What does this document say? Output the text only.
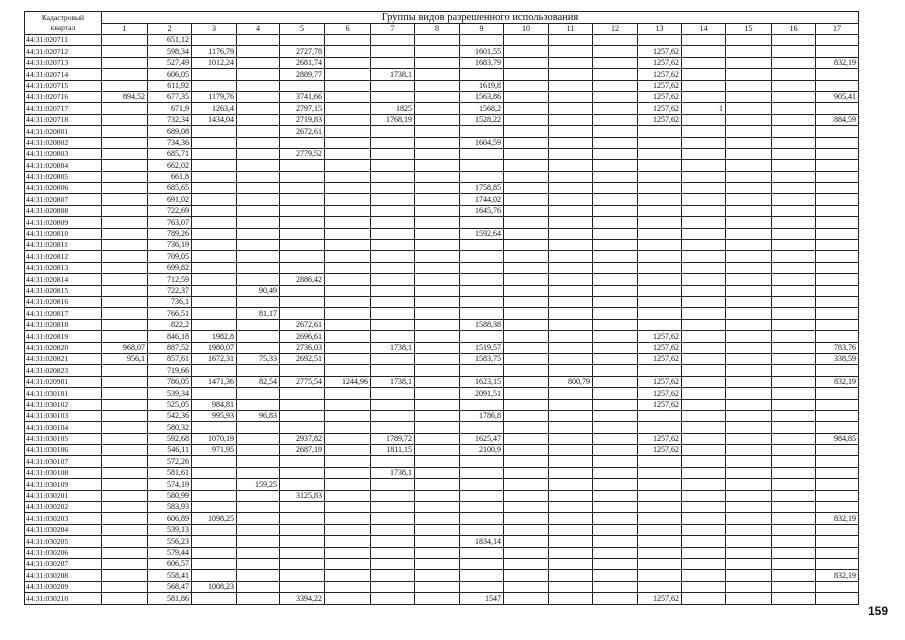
Кадастровый
квартал	Группы видов разрешенного использования																
	1	2	3	4	5	6	7	8	9	10	11	12	13	14	15	16	17
44:31:020711		651,12															
44:31:020712		598,34	1176,79		2727,78				1601,55				1257,62				
44:31:020713		527,49	1012,24		2681,74				1683,79				1257,62				832,19
44:31:020714		606,05			2889,77		1738,1						1257,62				
44:31:020715		611,92							1619,8				1257,62				
44:31:020716	894,52	677,35	1179,76		3741,66				1563,86				1257,62				905,41
44:31:020717		671,9	1263,4		2797,15		1825		1568,2				1257,62	1			
44:31:020718		732,34	1434,04		2719,83		1768,19		1528,22				1257,62				884,59
44:31:020801		689,08			2672,61												
44:31:020802		734,36							1604,59								
44:31:020803		685,71			2779,52												
44:31:020804		662,02															
44:31:020805		661,8															
44:31:020806		685,65							1758,85								
44:31:020807		691,02							1744,02								
44:31:020808		722,69							1645,76								
44:31:020809		763,07															
44:31:020810		789,26							1592,64								
44:31:020811		736,19															
44:31:020812		709,05															
44:31:020813		699,82															
44:31:020814		712,59			2886,42												
44:31:020815		722,37		90,49													
44:31:020816		736,1															
44:31:020817		766,51		81,17													
44:31:020818		822,2			2672,61				1588,38								
44:31:020819		846,18	1982,8		2696,61								1257,62				
44:31:020820	968,07	887,52	1980,07		2736,03		1738,1		1519,57				1257,62				783,76
44:31:020821	956,1	857,61	1672,31	75,33	2692,51				1583,75				1257,62				338,59
44:31:020823		719,66															
44:31:020901		786,05	1471,36	82,54	2775,54	1244,96	1738,1		1623,15		800,79		1257,62				832,19
44:31:030101		539,34							2091,51				1257,62				
44:31:030102		525,05	984,81										1257,62				
44:31:030103		542,36	995,93	96,83					1786,8								
44:31:030104		580,32															
44:31:030105		592,68	1070,19		2937,82		1789,72		1625,47				1257,62				984,85
44:31:030106		546,11	971,95		2687,19		1811,15		2100,9				1257,62				
44:31:030107		572,26															
44:31:030108		581,61					1738,1										
44:31:030109		574,19		159,25													
44:31:030201		580,99			3125,83												
44:31:030202		583,93															
44:31:030203		606,89	1098,25														832,19
44:31:030204		539,13															
44:31:030205		556,23							1834,14								
44:31:030206		579,44															
44:31:030207		606,57															
44:31:030208		558,41															832,19
44:31:030209		568,47	1008,23														
44:31:030210		581,86			3394,22				1547				1257,62				
159
